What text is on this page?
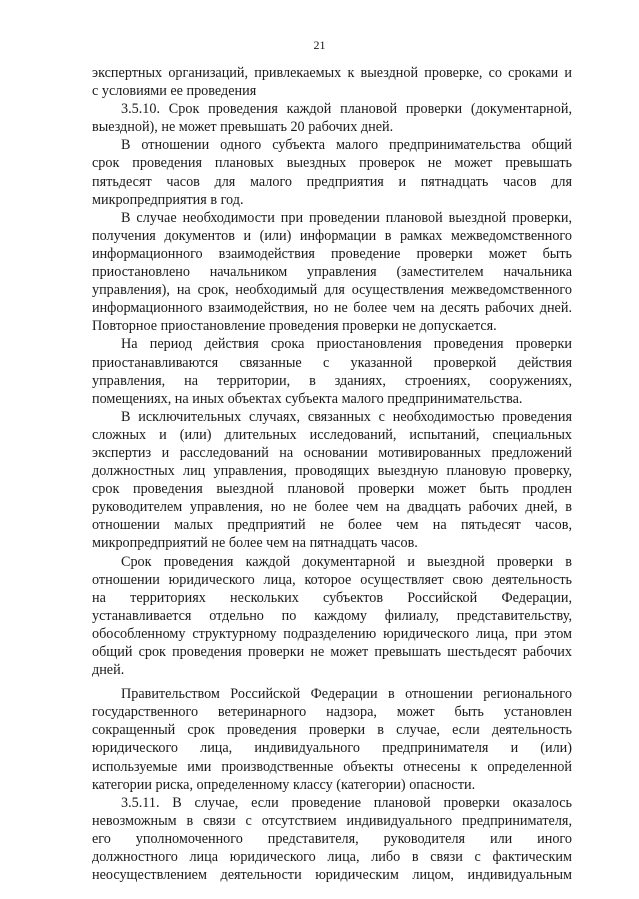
21
экспертных организаций, привлекаемых к выездной проверке, со сроками и
с условиями ее проведения
3.5.10. Срок проведения каждой плановой проверки (документарной,
выездной), не может превышать 20 рабочих дней.
В отношении одного субъекта малого предпринимательства общий
срок проведения плановых выездных проверок не может превышать
пятьдесят часов для малого предприятия и пятнадцать часов для
микропредприятия в год.
В случае необходимости при проведении плановой выездной проверки,
получения документов и (или) информации в рамках межведомственного
информационного взаимодействия проведение проверки может быть
приостановлено начальником управления (заместителем начальника
управления), на срок, необходимый для осуществления межведомственного
информационного взаимодействия, но не более чем на десять рабочих дней.
Повторное приостановление проведения проверки не допускается.
На период действия срока приостановления проведения проверки
приостанавливаются связанные с указанной проверкой действия
управления, на территории, в зданиях, строениях, сооружениях,
помещениях, на иных объектах субъекта малого предпринимательства.
В исключительных случаях, связанных с необходимостью проведения
сложных и (или) длительных исследований, испытаний, специальных
экспертиз и расследований на основании мотивированных предложений
должностных лиц управления, проводящих выездную плановую проверку,
срок проведения выездной плановой проверки может быть продлен
руководителем управления, но не более чем на двадцать рабочих дней, в
отношении малых предприятий не более чем на пятьдесят часов,
микропредприятий не более чем на пятнадцать часов.
Срок проведения каждой документарной и выездной проверки в
отношении юридического лица, которое осуществляет свою деятельность
на территориях нескольких субъектов Российской Федерации,
устанавливается отдельно по каждому филиалу, представительству,
обособленному структурному подразделению юридического лица, при этом
общий срок проведения проверки не может превышать шестьдесят рабочих
дней.
Правительством Российской Федерации в отношении регионального
государственного ветеринарного надзора, может быть установлен
сокращенный срок проведения проверки в случае, если деятельность
юридического лица, индивидуального предпринимателя и (или)
используемые ими производственные объекты отнесены к определенной
категории риска, определенному классу (категории) опасности.
3.5.11. В случае, если проведение плановой проверки оказалось
невозможным в связи с отсутствием индивидуального предпринимателя,
его уполномоченного представителя, руководителя или иного
должностного лица юридического лица, либо в связи с фактическим
неосуществлением деятельности юридическим лицом, индивидуальным
